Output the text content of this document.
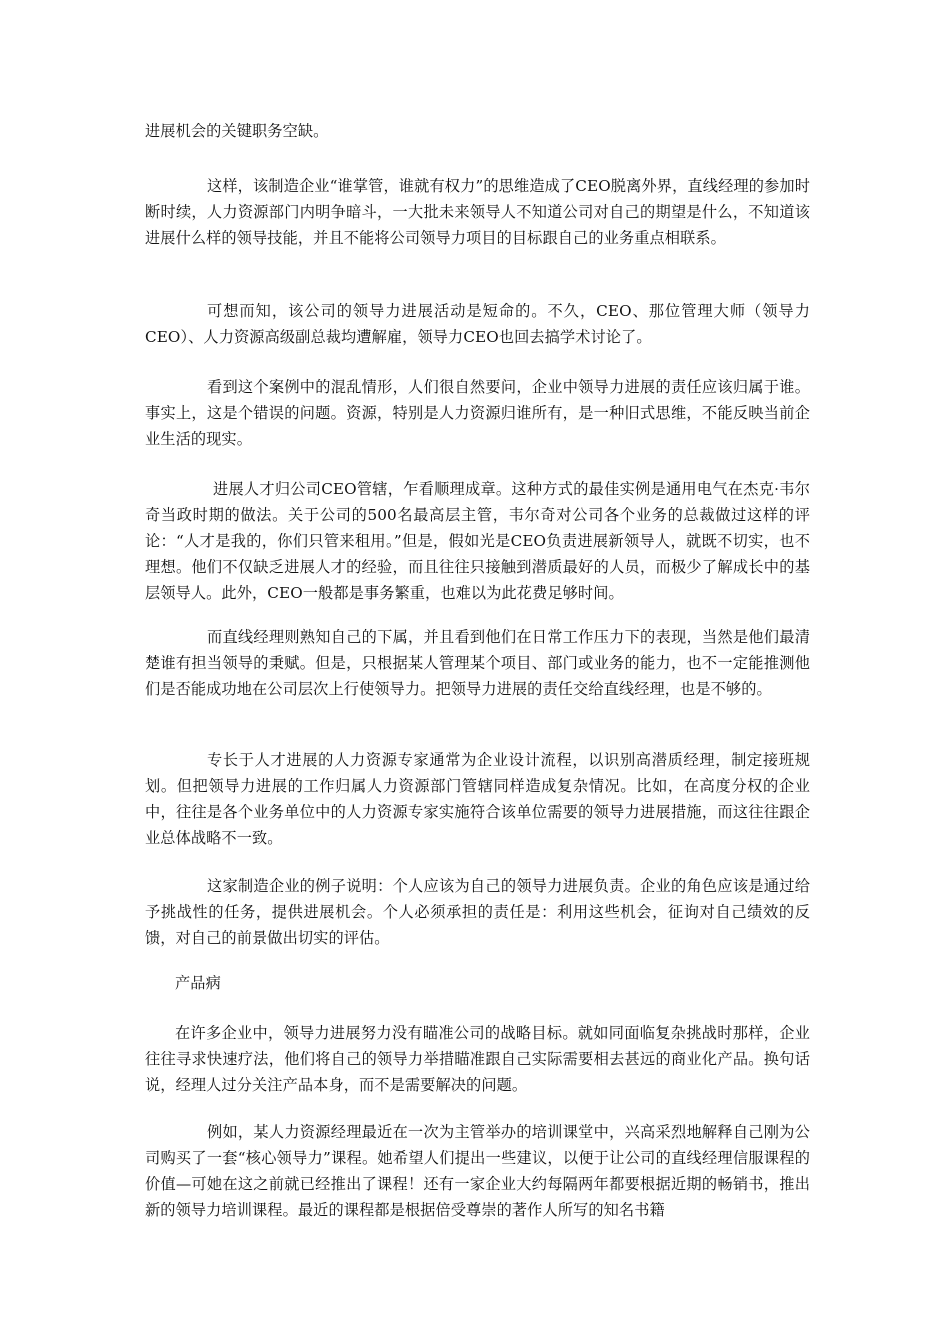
进展机会的关键职务空缺。

这样，该制造企业“谁掌管，谁就有权力”的思维造成了CEO脱离外界，直线经理的参加时断时续，人力资源部门内明争暗斗，一大批未来领导人不知道公司对自己的期望是什么，不知道该进展什么样的领导技能，并且不能将公司领导力项目的目标跟自己的业务重点相联系。

可想而知，该公司的领导力进展活动是短命的。不久，CEO、那位管理大师（领导力CEO）、人力资源高级副总裁均遭解雇，领导力CEO也回去搞学术讨论了。

看到这个案例中的混乱情形，人们很自然要问，企业中领导力进展的责任应该归属于谁。事实上，这是个错误的问题。资源，特别是人力资源归谁所有，是一种旧式思维，不能反映当前企业生活的现实。

进展人才归公司CEO管辖，乍看顺理成章。这种方式的最佳实例是通用电气在杰克·韦尔奇当政时期的做法。关于公司的500名最高层主管，韦尔奇对公司各个业务的总裁做过这样的评论：“人才是我的，你们只管来租用。”但是，假如光是CEO负责进展新领导人，就既不切实，也不理想。他们不仅缺乏进展人才的经验，而且往往只接触到潜质最好的人员，而极少了解成长中的基层领导人。此外，CEO一般都是事务繁重，也难以为此花费足够时间。

而直线经理则熟知自己的下属，并且看到他们在日常工作压力下的表现，当然是他们最清楚谁有担当领导的秉赋。但是，只根据某人管理某个项目、部门或业务的能力，也不一定能推测他们是否能成功地在公司层次上行使领导力。把领导力进展的责任交给直线经理，也是不够的。

专长于人才进展的人力资源专家通常为企业设计流程，以识别高潜质经理，制定接班规划。但把领导力进展的工作归属人力资源部门管辖同样造成复杂情况。比如，在高度分权的企业中，往往是各个业务单位中的人力资源专家实施符合该单位需要的领导力进展措施，而这往往跟企业总体战略不一致。

这家制造企业的例子说明：个人应该为自己的领导力进展负责。企业的角色应该是通过给予挑战性的任务，提供进展机会。个人必须承担的责任是：利用这些机会，征询对自己绩效的反馈，对自己的前景做出切实的评估。

产品病

在许多企业中，领导力进展努力没有瞄准公司的战略目标。就如同面临复杂挑战时那样，企业往往寻求快速疗法，他们将自己的领导力举措瞄准跟自己实际需要相去甚远的商业化产品。换句话说，经理人过分关注产品本身，而不是需要解决的问题。

例如，某人力资源经理最近在一次为主管举办的培训课堂中，兴高采烈地解释自己刚为公司购买了一套“核心领导力”课程。她希望人们提出一些建议，以便于让公司的直线经理信服课程的价值—可她在这之前就已经推出了课程！还有一家企业大约每隔两年都要根据近期的畅销书，推出新的领导力培训课程。最近的课程都是根据倍受尊崇的著作人所写的知名书籍
